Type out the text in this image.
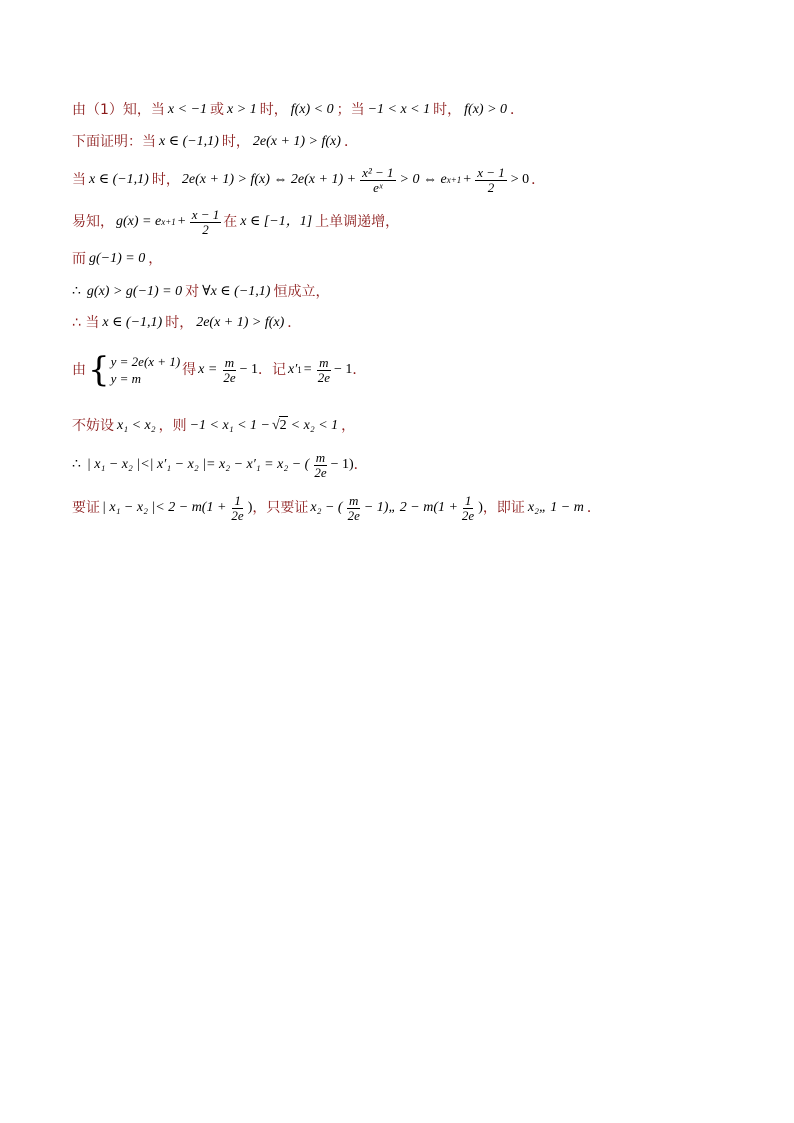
由（1）知，当 x < −1 或 x > 1 时， f(x) < 0 ；当 −1 < x < 1 时， f(x) > 0 ．
下面证明：当 x ∈ (−1,1) 时， 2e(x + 1) > f(x) ．
当 x ∈ (−1,1) 时， 2e(x + 1) > f(x) ⇔ $2e(x + 1) + \frac{\text{x² − 1}}{\text{eˣ}} > 0$ ⇔ e $x+1 + \frac{x - 1}{2} > 0$ ．
易知， g(x) = e $x+1 + \frac{x - 1}{2}$ 在 x ∈ [−1，1] 上单调递增，
而 g(−1) = 0 ，
∴ g(x) > g(−1) = 0 对 ∀x ∈ (−1,1) 恒成立，
∴ 当 x ∈ (−1,1) 时， 2e(x + 1) > f(x) ．
由 { y = 2e(x + 1)
y = m
得 $x = \frac{m}{2e} - 1$ ．记 x′ $1 = \frac{m}{2e} - 1$ ．
不妨设 x₁ < x₂ ，则 −1 < x₁ < 1 − √ 2 < x₂ < 1 ，
∴ | x₁ − x₂ |<| x′₁ − x₂ |= x₂ − x′₁ = x₂ − ( $\frac{m}{2e} - 1$) ．
要证 | x₁ − x₂ |< $2 - m(1 + \frac{1}{2e}$ ) ，只要证 x₂ − ( $\frac{m}{2e}$ − 1)„ $2 - m(1 + \frac{1}{2e}$ ) ，即证 x₂„ 1 − m ．
